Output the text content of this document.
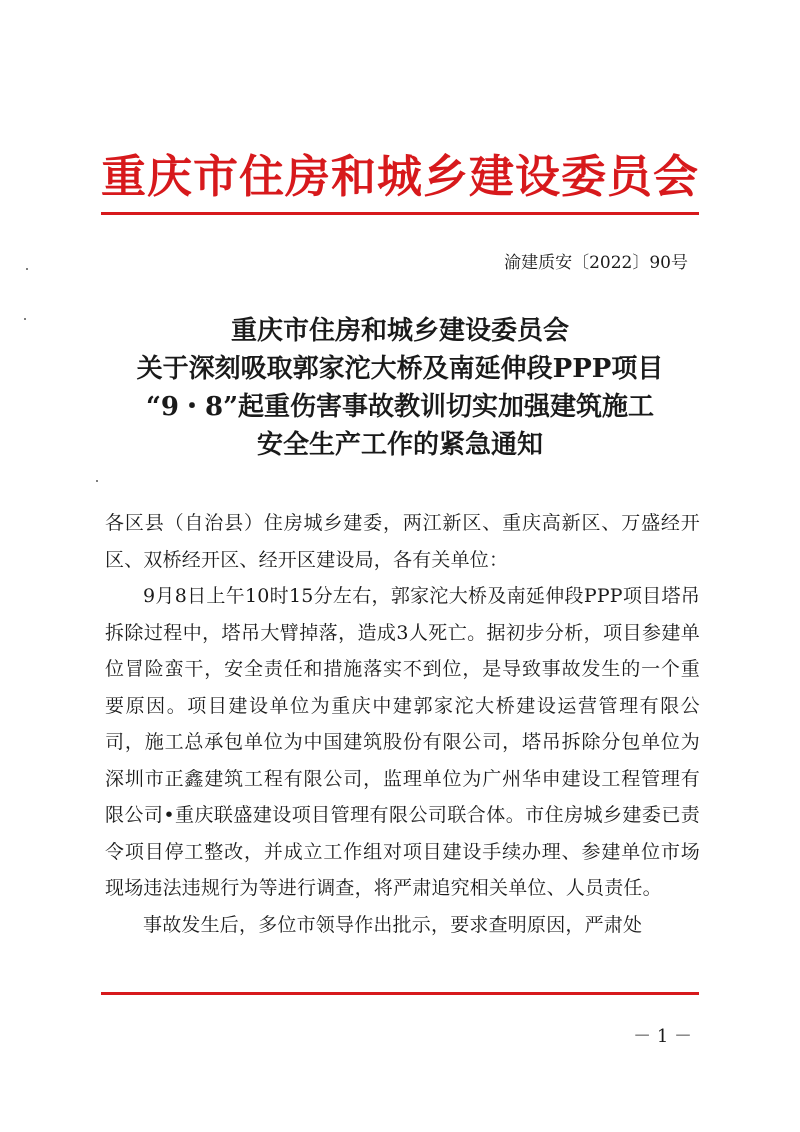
重庆市住房和城乡建设委员会
渝建质安〔2022〕90号
重庆市住房和城乡建设委员会
关于深刻吸取郭家沱大桥及南延伸段PPP项目
“9・8”起重伤害事故教训切实加强建筑施工
安全生产工作的紧急通知

各区县（自治县）住房城乡建委，两江新区、重庆高新区、万盛经开区、双桥经开区、经开区建设局，各有关单位：

9月8日上午10时15分左右，郭家沱大桥及南延伸段PPP项目塔吊拆除过程中，塔吊大臂掉落，造成3人死亡。据初步分析，项目参建单位冒险蛮干，安全责任和措施落实不到位，是导致事故发生的一个重要原因。项目建设单位为重庆中建郭家沱大桥建设运营管理有限公司，施工总承包单位为中国建筑股份有限公司，塔吊拆除分包单位为深圳市正鑫建筑工程有限公司，监理单位为广州华申建设工程管理有限公司•重庆联盛建设项目管理有限公司联合体。市住房城乡建委已责令项目停工整改，并成立工作组对项目建设手续办理、参建单位市场现场违法违规行为等进行调查，将严肃追究相关单位、人员责任。

事故发生后，多位市领导作出批示，要求查明原因，严肃处

－ 1 －
